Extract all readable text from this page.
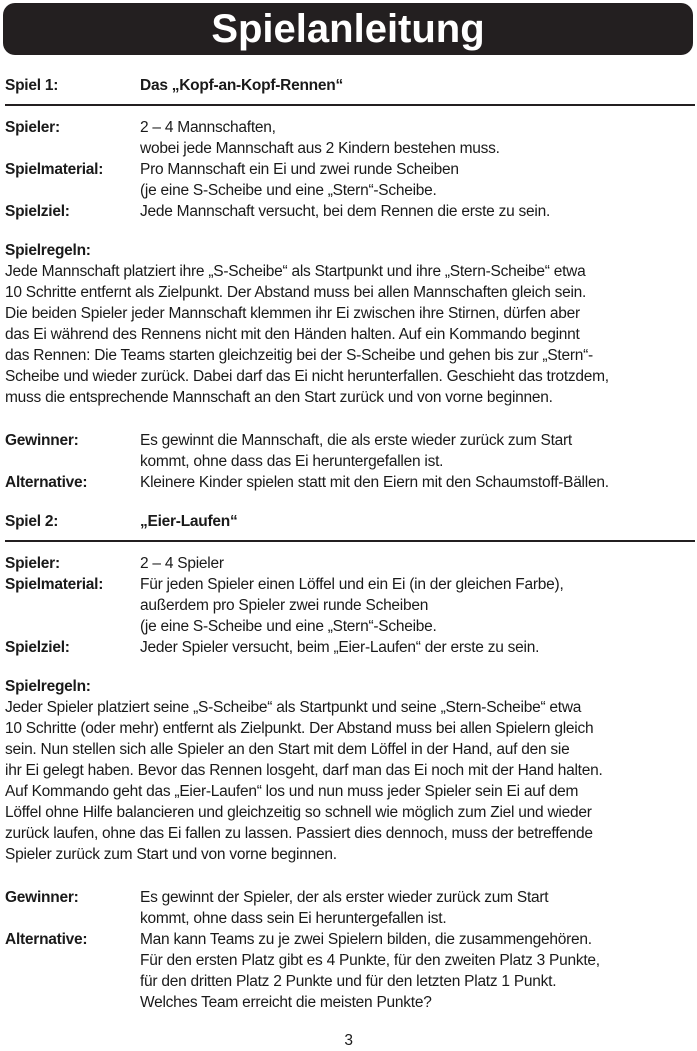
Spielanleitung
Spiel 1:	Das „Kopf-an-Kopf-Rennen“
Spieler:	2 – 4 Mannschaften,
wobei jede Mannschaft aus 2 Kindern bestehen muss.
Spielmaterial:	Pro Mannschaft ein Ei und zwei runde Scheiben
(je eine S-Scheibe und eine „Stern“-Scheibe.
Spielziel:	Jede Mannschaft versucht, bei dem Rennen die erste zu sein.
Spielregeln:
Jede Mannschaft platziert ihre „S-Scheibe“ als Startpunkt und ihre „Stern-Scheibe“ etwa
10 Schritte entfernt als Zielpunkt. Der Abstand muss bei allen Mannschaften gleich sein.
Die beiden Spieler jeder Mannschaft klemmen ihr Ei zwischen ihre Stirnen, dürfen aber
das Ei während des Rennens nicht mit den Händen halten. Auf ein Kommando beginnt
das Rennen: Die Teams starten gleichzeitig bei der S-Scheibe und gehen bis zur „Stern“-
Scheibe und wieder zurück. Dabei darf das Ei nicht herunterfallen. Geschieht das trotzdem,
muss die entsprechende Mannschaft an den Start zurück und von vorne beginnen.
Gewinner:	Es gewinnt die Mannschaft, die als erste wieder zurück zum Start
kommt, ohne dass das Ei heruntergefallen ist.
Alternative:	Kleinere Kinder spielen statt mit den Eiern mit den Schaumstoff-Bällen.
Spiel 2:	„Eier-Laufen“
Spieler:	2 – 4 Spieler
Spielmaterial:	Für jeden Spieler einen Löffel und ein Ei (in der gleichen Farbe),
außerdem pro Spieler zwei runde Scheiben
(je eine S-Scheibe und eine „Stern“-Scheibe.
Spielziel:	Jeder Spieler versucht, beim „Eier-Laufen“ der erste zu sein.
Spielregeln:
Jeder Spieler platziert seine „S-Scheibe“ als Startpunkt und seine „Stern-Scheibe“ etwa
10 Schritte (oder mehr) entfernt als Zielpunkt. Der Abstand muss bei allen Spielern gleich
sein. Nun stellen sich alle Spieler an den Start mit dem Löffel in der Hand, auf den sie
ihr Ei gelegt haben. Bevor das Rennen losgeht, darf man das Ei noch mit der Hand halten.
Auf Kommando geht das „Eier-Laufen“ los und nun muss jeder Spieler sein Ei auf dem
Löffel ohne Hilfe balancieren und gleichzeitig so schnell wie möglich zum Ziel und wieder
zurück laufen, ohne das Ei fallen zu lassen. Passiert dies dennoch, muss der betreffende
Spieler zurück zum Start und von vorne beginnen.
Gewinner:	Es gewinnt der Spieler, der als erster wieder zurück zum Start
kommt, ohne dass sein Ei heruntergefallen ist.
Alternative:	Man kann Teams zu je zwei Spielern bilden, die zusammengehören.
Für den ersten Platz gibt es 4 Punkte, für den zweiten Platz 3 Punkte,
für den dritten Platz 2 Punkte und für den letzten Platz 1 Punkt.
Welches Team erreicht die meisten Punkte?
3
